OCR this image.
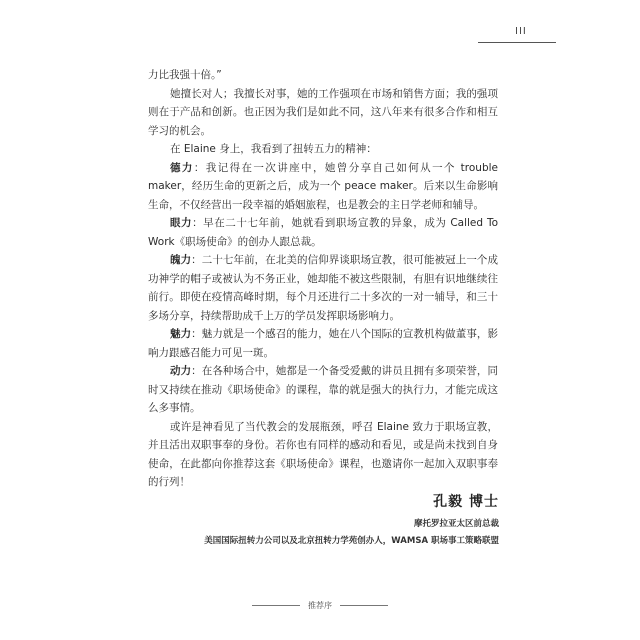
III

力比我强十倍。”

她擅长对人；我擅长对事，她的工作强项在市场和销售方面；我的强项则在于产品和创新。也正因为我们是如此不同，这八年来有很多合作和相互学习的机会。

在 Elaine 身上，我看到了扭转五力的精神：

德力：我记得在一次讲座中，她曾分享自己如何从一个 trouble maker，经历生命的更新之后，成为一个 peace maker。后来以生命影响生命，不仅经营出一段幸福的婚姻旅程，也是教会的主日学老师和辅导。

眼力：早在二十七年前，她就看到职场宣教的异象，成为 Called To Work《职场使命》的创办人跟总裁。

魄力：二十七年前，在北美的信仰界谈职场宣教，很可能被冠上一个成功神学的帽子或被认为不务正业，她却能不被这些限制，有胆有识地继续往前行。即使在疫情高峰时期，每个月还进行二十多次的一对一辅导，和三十多场分享，持续帮助成千上万的学员发挥职场影响力。

魅力：魅力就是一个感召的能力，她在八个国际的宣教机构做董事，影响力跟感召能力可见一斑。

动力：在各种场合中，她都是一个备受爱戴的讲员且拥有多项荣誉，同时又持续在推动《职场使命》的课程，靠的就是强大的执行力，才能完成这么多事情。

或许是神看见了当代教会的发展瓶颈，呼召 Elaine 致力于职场宣教，并且活出双职事奉的身份。若你也有同样的感动和看见，或是尚未找到自身使命，在此都向你推荐这套《职场使命》课程，也邀请你一起加入双职事奉的行列！

孔毅 博士
摩托罗拉亚太区前总裁
美国国际扭转力公司以及北京扭转力学苑创办人，WAMSA 职场事工策略联盟
推荐序
